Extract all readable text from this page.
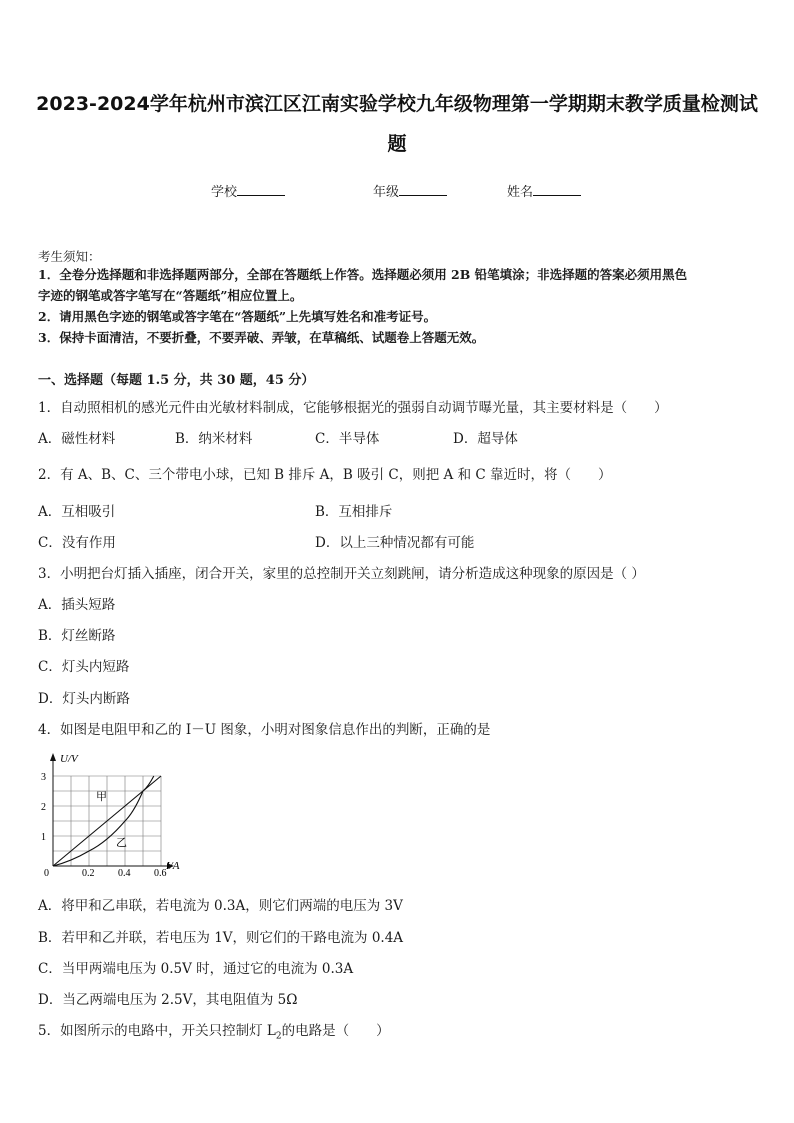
2023-2024学年杭州市滨江区江南实验学校九年级物理第一学期期末教学质量检测试
题
学校	年级	姓名
考生须知：
1．全卷分选择题和非选择题两部分，全部在答题纸上作答。选择题必须用 2B 铅笔填涂；非选择题的答案必须用黑色
字迹的钢笔或答字笔写在“答题纸”相应位置上。
2．请用黑色字迹的钢笔或答字笔在“答题纸”上先填写姓名和准考证号。
3．保持卡面清洁，不要折叠，不要弄破、弄皱，在草稿纸、试题卷上答题无效。
一、选择题（每题 1.5 分，共 30 题，45 分）
1．自动照相机的感光元件由光敏材料制成，它能够根据光的强弱自动调节曝光量，其主要材料是（　　）
A．磁性材料	B．纳米材料	C．半导体	D．超导体
2．有 A、B、C、三个带电小球，已知 B 排斥 A，B 吸引 C，则把 A 和 C 靠近时，将（　　）
A．互相吸引	B．互相排斥
C．没有作用	D．以上三种情况都有可能
3．小明把台灯插入插座，闭合开关，家里的总控制开关立刻跳闸，请分析造成这种现象的原因是（ ）
A．插头短路
B．灯丝断路
C．灯头内短路
D．灯头内断路
4．如图是电阻甲和乙的 I－U 图象，小明对图象信息作出的判断，正确的是
U/V
I/A
0	0.2 0.4 0.6
1
2
3
甲
乙
A．将甲和乙串联，若电流为 0.3A，则它们两端的电压为 3V
B．若甲和乙并联，若电压为 1V，则它们的干路电流为 0.4A
C．当甲两端电压为 0.5V 时，通过它的电流为 0.3A
D．当乙两端电压为 2.5V，其电阻值为 5Ω
5．如图所示的电路中，开关只控制灯 $L_2$的电路是（　　）
